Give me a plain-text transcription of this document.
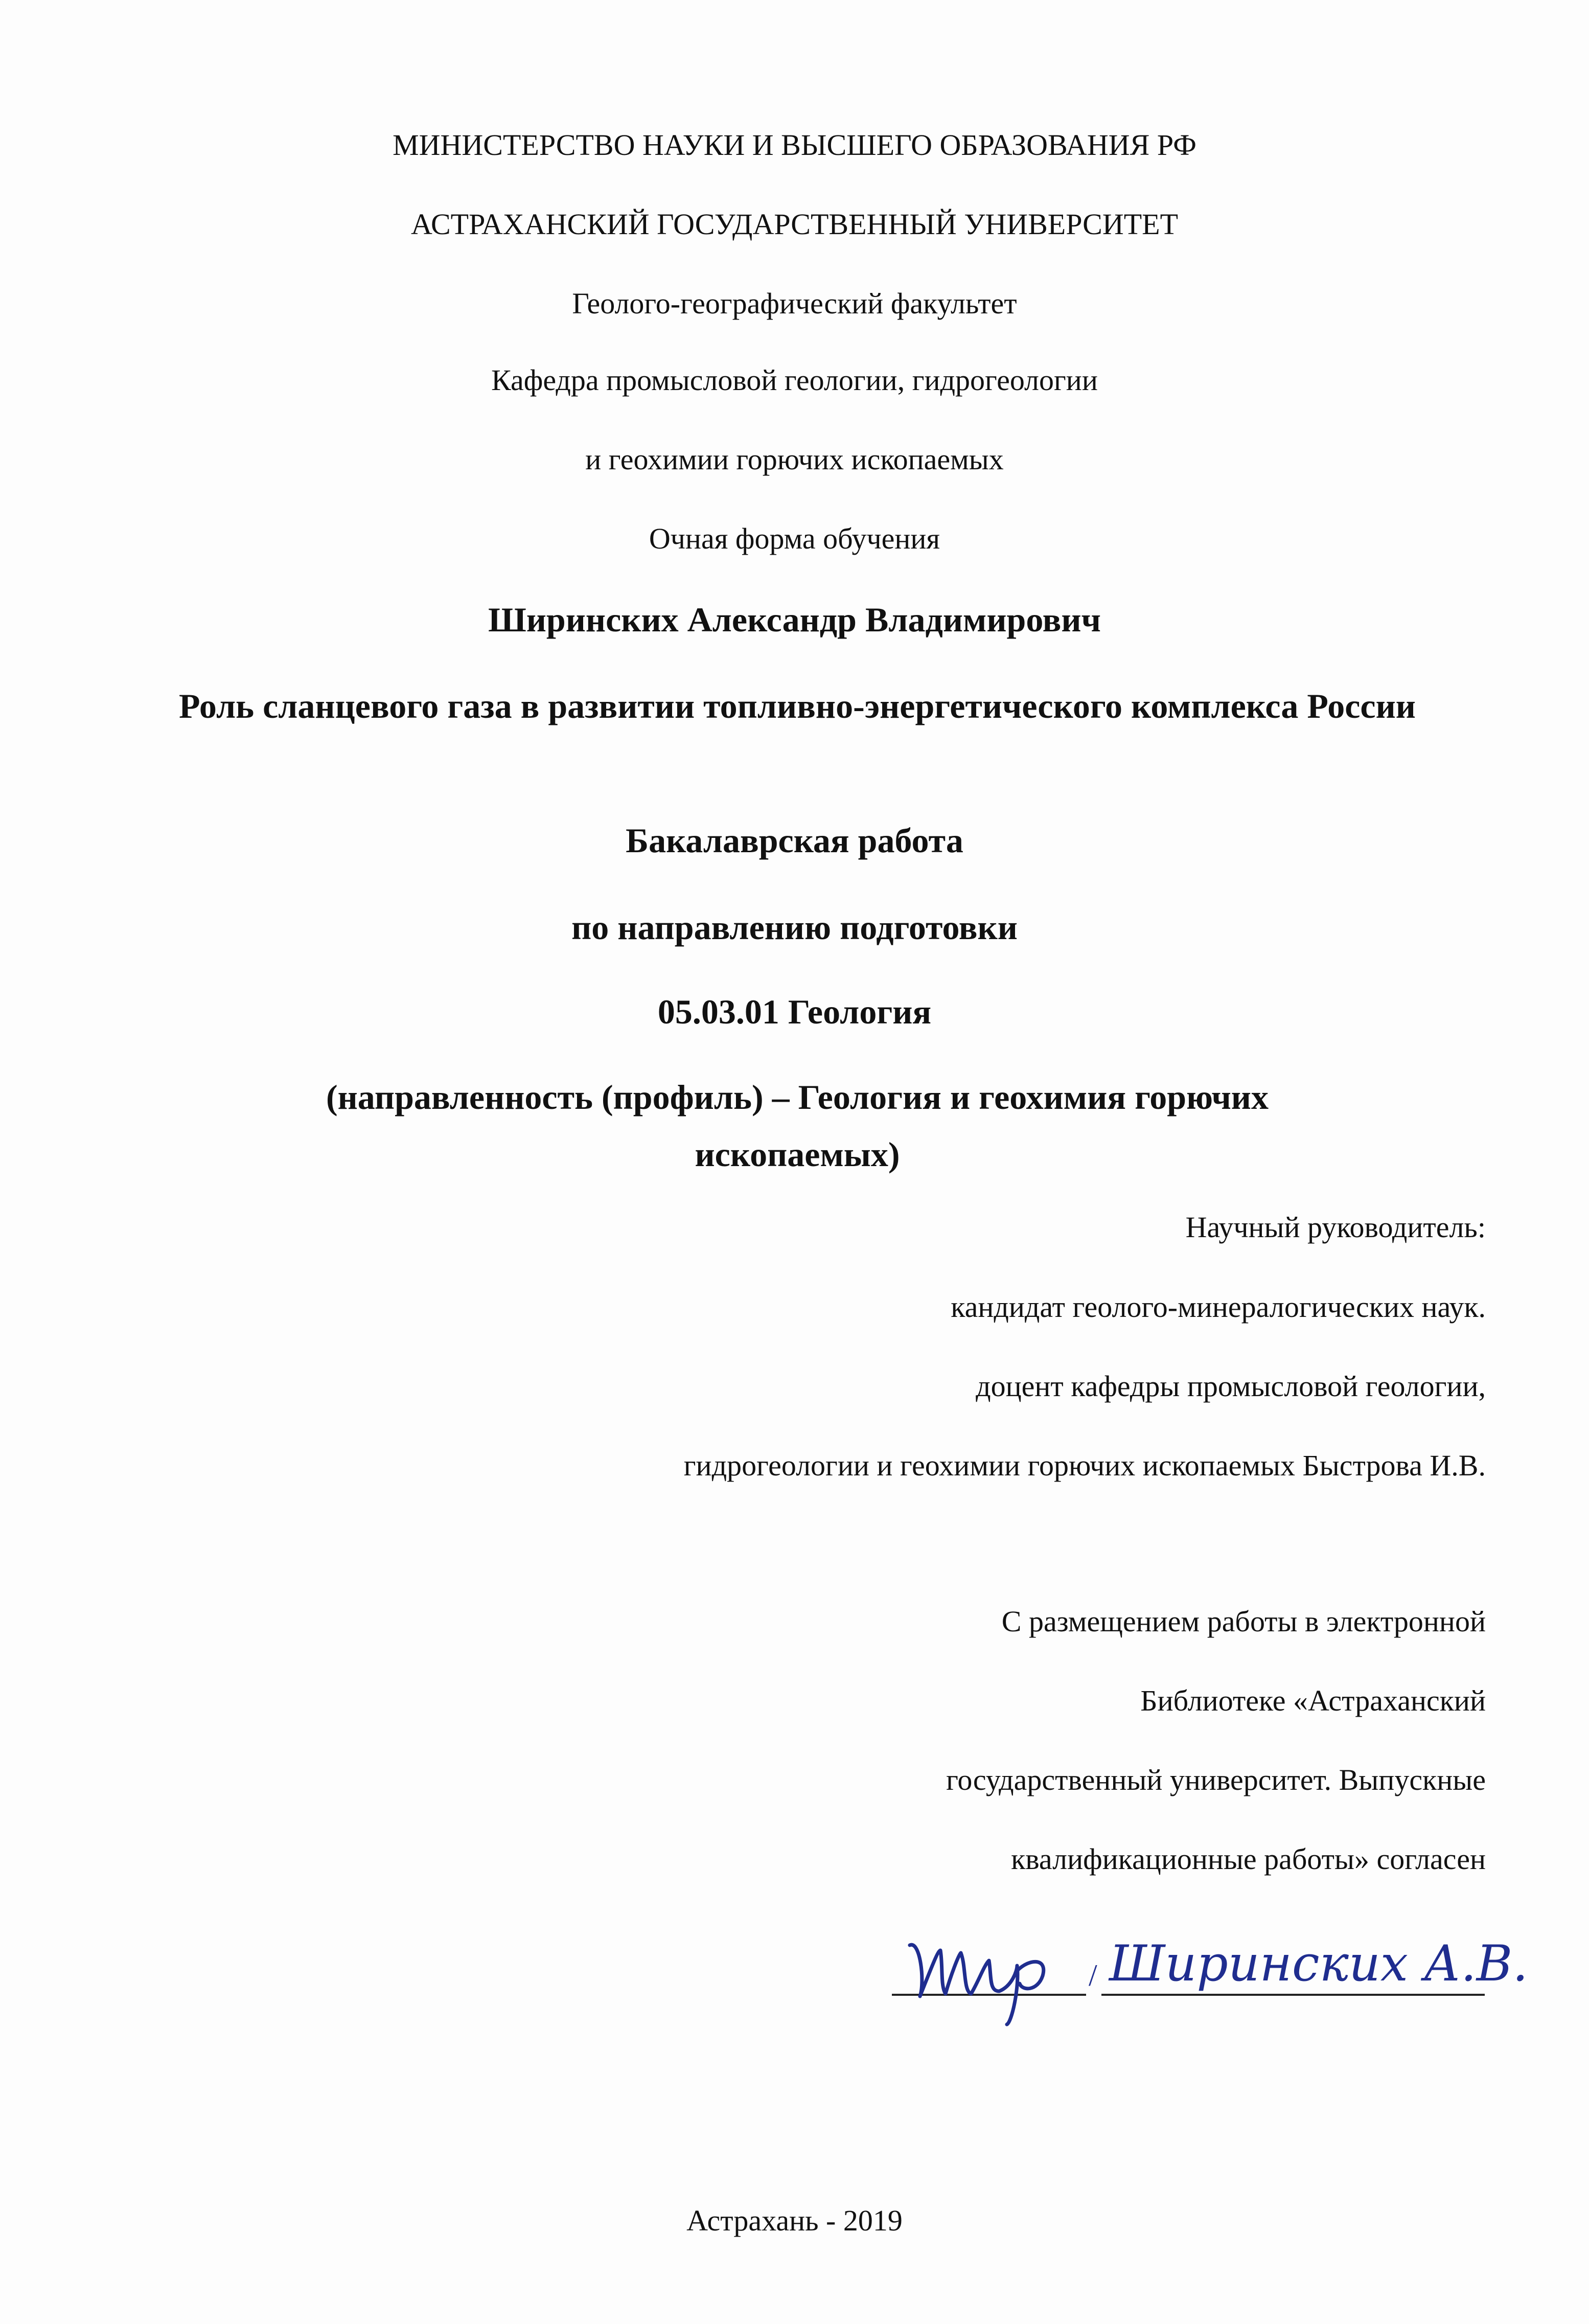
МИНИСТЕРСТВО НАУКИ И ВЫСШЕГО ОБРАЗОВАНИЯ РФ
АСТРАХАНСКИЙ ГОСУДАРСТВЕННЫЙ УНИВЕРСИТЕТ
Геолого-географический факультет
Кафедра промысловой геологии, гидрогеологии
и геохимии горючих ископаемых
Очная форма обучения
Ширинских Александр Владимирович
Роль сланцевого газа в развитии топливно-энергетического комплекса России
Бакалаврская работа
по направлению подготовки
05.03.01 Геология
(направленность (профиль) – Геология и геохимия горючих ископаемых)
Научный руководитель:
кандидат геолого-минералогических наук.
доцент кафедры промысловой геологии,
гидрогеологии и геохимии горючих ископаемых Быстрова И.В.
С размещением работы в электронной
Библиотеке «Астраханский
государственный университет. Выпускные
квалификационные работы» согласен
/ Ширинских А.В.
Астрахань - 2019
